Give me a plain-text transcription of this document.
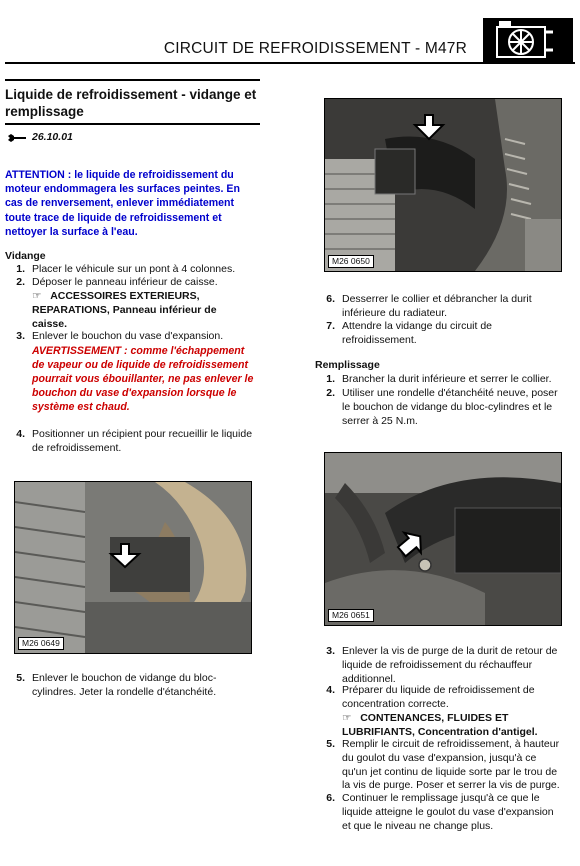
CIRCUIT DE REFROIDISSEMENT - M47R
Liquide de refroidissement - vidange et
remplissage
26.10.01
ATTENTION : le liquide de refroidissement du
moteur endommagera les surfaces peintes. En
cas de renversement, enlever immédiatement
toute trace de liquide de refroidissement et
nettoyer la surface à l'eau.
Vidange
1. Placer le véhicule sur un pont à 4 colonnes.
2. Déposer le panneau inférieur de caisse.
☞ ACCESSOIRES EXTERIEURS,
REPARATIONS, Panneau inférieur de
caisse.
3. Enlever le bouchon du vase d'expansion.
AVERTISSEMENT : comme l'échappement
de vapeur ou de liquide de refroidissement
pourrait vous ébouillanter, ne pas enlever le
bouchon du vase d'expansion lorsque le
système est chaud.
4. Positionner un récipient pour recueillir le liquide
de refroidissement.
M26 0649
5. Enlever le bouchon de vidange du bloc-
cylindres. Jeter la rondelle d'étanchéité.
M26 0650
6. Desserrer le collier et débrancher la durit
inférieure du radiateur.
7. Attendre la vidange du circuit de
refroidissement.
Remplissage
1. Brancher la durit inférieure et serrer le collier.
2. Utiliser une rondelle d'étanchéité neuve, poser
le bouchon de vidange du bloc-cylindres et le
serrer à 25 N.m.
M26 0651
3. Enlever la vis de purge de la durit de retour de
liquide de refroidissement du réchauffeur
additionnel.
4. Préparer du liquide de refroidissement de
concentration correcte.
☞ CONTENANCES, FLUIDES ET
LUBRIFIANTS, Concentration d'antigel.
5. Remplir le circuit de refroidissement, à hauteur
du goulot du vase d'expansion, jusqu'à ce
qu'un jet continu de liquide sorte par le trou de
la vis de purge. Poser et serrer la vis de purge.
6. Continuer le remplissage jusqu'à ce que le
liquide atteigne le goulot du vase d'expansion
et que le niveau ne change plus.
